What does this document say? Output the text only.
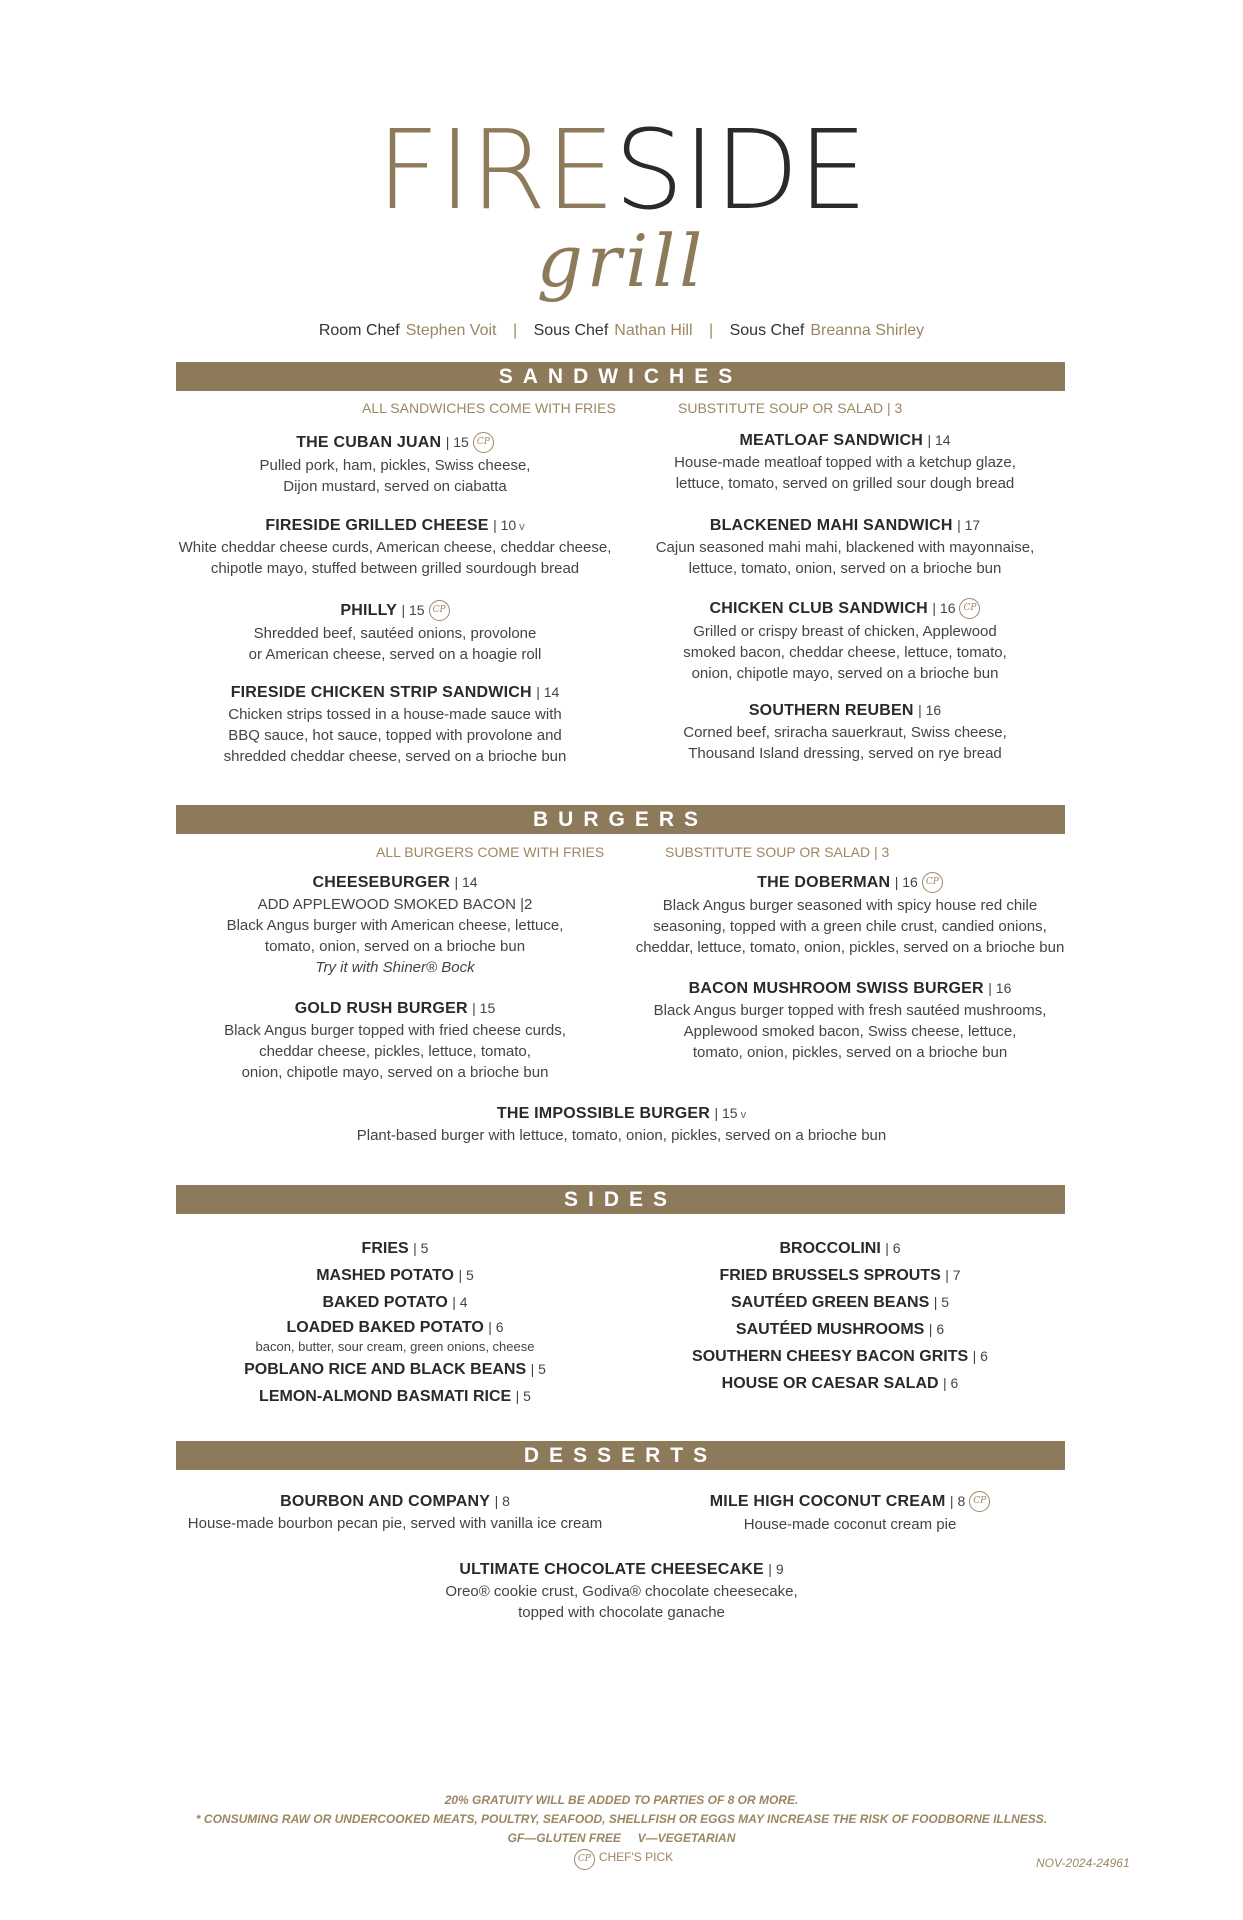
FIRESIDE
grill
Room Chef Stephen Voit | Sous Chef Nathan Hill | Sous Chef Breanna Shirley
SANDWICHES
ALL SANDWICHES COME WITH FRIES	SUBSTITUTE SOUP OR SALAD | 3
THE CUBAN JUAN | 15 CP
Pulled pork, ham, pickles, Swiss cheese,
Dijon mustard, served on ciabatta
FIRESIDE GRILLED CHEESE | 10 v
White cheddar cheese curds, American cheese, cheddar cheese,
chipotle mayo, stuffed between grilled sourdough bread
PHILLY | 15 CP
Shredded beef, sautéed onions, provolone
or American cheese, served on a hoagie roll
FIRESIDE CHICKEN STRIP SANDWICH | 14
Chicken strips tossed in a house-made sauce with
BBQ sauce, hot sauce, topped with provolone and
shredded cheddar cheese, served on a brioche bun
MEATLOAF SANDWICH | 14
House-made meatloaf topped with a ketchup glaze,
lettuce, tomato, served on grilled sour dough bread
BLACKENED MAHI SANDWICH | 17
Cajun seasoned mahi mahi, blackened with mayonnaise,
lettuce, tomato, onion, served on a brioche bun
CHICKEN CLUB SANDWICH | 16 CP
Grilled or crispy breast of chicken, Applewood
smoked bacon, cheddar cheese, lettuce, tomato,
onion, chipotle mayo, served on a brioche bun
SOUTHERN REUBEN | 16
Corned beef, sriracha sauerkraut, Swiss cheese,
Thousand Island dressing, served on rye bread
BURGERS
ALL BURGERS COME WITH FRIES	SUBSTITUTE SOUP OR SALAD | 3
CHEESEBURGER | 14
ADD APPLEWOOD SMOKED BACON |2
Black Angus burger with American cheese, lettuce,
tomato, onion, served on a brioche bun
Try it with Shiner® Bock
GOLD RUSH BURGER | 15
Black Angus burger topped with fried cheese curds,
cheddar cheese, pickles, lettuce, tomato,
onion, chipotle mayo, served on a brioche bun
THE DOBERMAN | 16 CP
Black Angus burger seasoned with spicy house red chile
seasoning, topped with a green chile crust, candied onions,
cheddar, lettuce, tomato, onion, pickles, served on a brioche bun
BACON MUSHROOM SWISS BURGER | 16
Black Angus burger topped with fresh sautéed mushrooms,
Applewood smoked bacon, Swiss cheese, lettuce,
tomato, onion, pickles, served on a brioche bun
THE IMPOSSIBLE BURGER | 15 v
Plant-based burger with lettuce, tomato, onion, pickles, served on a brioche bun
SIDES
FRIES | 5
MASHED POTATO | 5
BAKED POTATO | 4
LOADED BAKED POTATO | 6
bacon, butter, sour cream, green onions, cheese
POBLANO RICE AND BLACK BEANS | 5
LEMON-ALMOND BASMATI RICE | 5
BROCCOLINI | 6
FRIED BRUSSELS SPROUTS | 7
SAUTÉED GREEN BEANS | 5
SAUTÉED MUSHROOMS | 6
SOUTHERN CHEESY BACON GRITS | 6
HOUSE OR CAESAR SALAD | 6
DESSERTS
BOURBON AND COMPANY | 8
House-made bourbon pecan pie, served with vanilla ice cream
MILE HIGH COCONUT CREAM | 8 CP
House-made coconut cream pie
ULTIMATE CHOCOLATE CHEESECAKE | 9
Oreo® cookie crust, Godiva® chocolate cheesecake,
topped with chocolate ganache
20% GRATUITY WILL BE ADDED TO PARTIES OF 8 OR MORE.
* CONSUMING RAW OR UNDERCOOKED MEATS, POULTRY, SEAFOOD, SHELLFISH OR EGGS MAY INCREASE THE RISK OF FOODBORNE ILLNESS.
GF—GLUTEN FREE     V—VEGETARIAN
CP CHEF'S PICK	NOV-2024-24961
